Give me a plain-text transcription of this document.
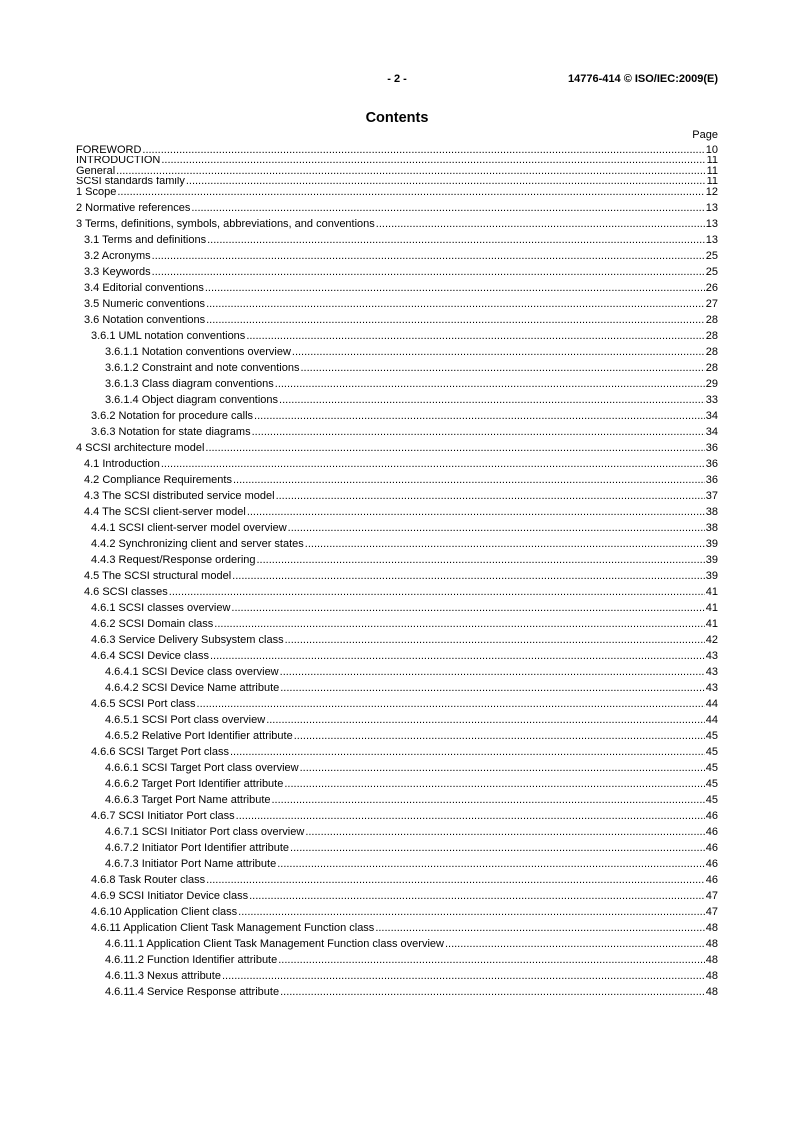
- 2 -	14776-414 © ISO/IEC:2009(E)
Contents
Page
FOREWORD .....	10
INTRODUCTION .....	11
General .....	11
SCSI standards family .....	11
1 Scope .....	12
2 Normative references .....	13
3 Terms, definitions, symbols, abbreviations, and conventions .....	13
3.1 Terms and definitions .....	13
3.2 Acronyms .....	25
3.3 Keywords .....	25
3.4 Editorial conventions .....	26
3.5 Numeric conventions .....	27
3.6 Notation conventions .....	28
3.6.1 UML notation conventions .....	28
3.6.1.1 Notation conventions overview .....	28
3.6.1.2 Constraint and note conventions .....	28
3.6.1.3 Class diagram conventions .....	29
3.6.1.4 Object diagram conventions .....	33
3.6.2 Notation for procedure calls .....	34
3.6.3 Notation for state diagrams .....	34
4 SCSI architecture model .....	36
4.1 Introduction .....	36
4.2 Compliance Requirements .....	36
4.3 The SCSI distributed service model .....	37
4.4 The SCSI client-server model .....	38
4.4.1 SCSI client-server model overview .....	38
4.4.2 Synchronizing client and server states .....	39
4.4.3 Request/Response ordering .....	39
4.5 The SCSI structural model .....	39
4.6 SCSI classes .....	41
4.6.1 SCSI classes overview .....	41
4.6.2 SCSI Domain class .....	41
4.6.3 Service Delivery Subsystem class .....	42
4.6.4 SCSI Device class .....	43
4.6.4.1 SCSI Device class overview .....	43
4.6.4.2 SCSI Device Name attribute .....	43
4.6.5 SCSI Port class .....	44
4.6.5.1 SCSI Port class overview .....	44
4.6.5.2 Relative Port Identifier attribute .....	45
4.6.6 SCSI Target Port class .....	45
4.6.6.1 SCSI Target Port class overview .....	45
4.6.6.2 Target Port Identifier attribute .....	45
4.6.6.3 Target Port Name attribute .....	45
4.6.7 SCSI Initiator Port class .....	46
4.6.7.1 SCSI Initiator Port class overview .....	46
4.6.7.2 Initiator Port Identifier attribute .....	46
4.6.7.3 Initiator Port Name attribute .....	46
4.6.8 Task Router class .....	46
4.6.9 SCSI Initiator Device class .....	47
4.6.10 Application Client class .....	47
4.6.11 Application Client Task Management Function class .....	48
4.6.11.1 Application Client Task Management Function class overview .....	48
4.6.11.2 Function Identifier attribute .....	48
4.6.11.3 Nexus attribute .....	48
4.6.11.4 Service Response attribute .....	48
